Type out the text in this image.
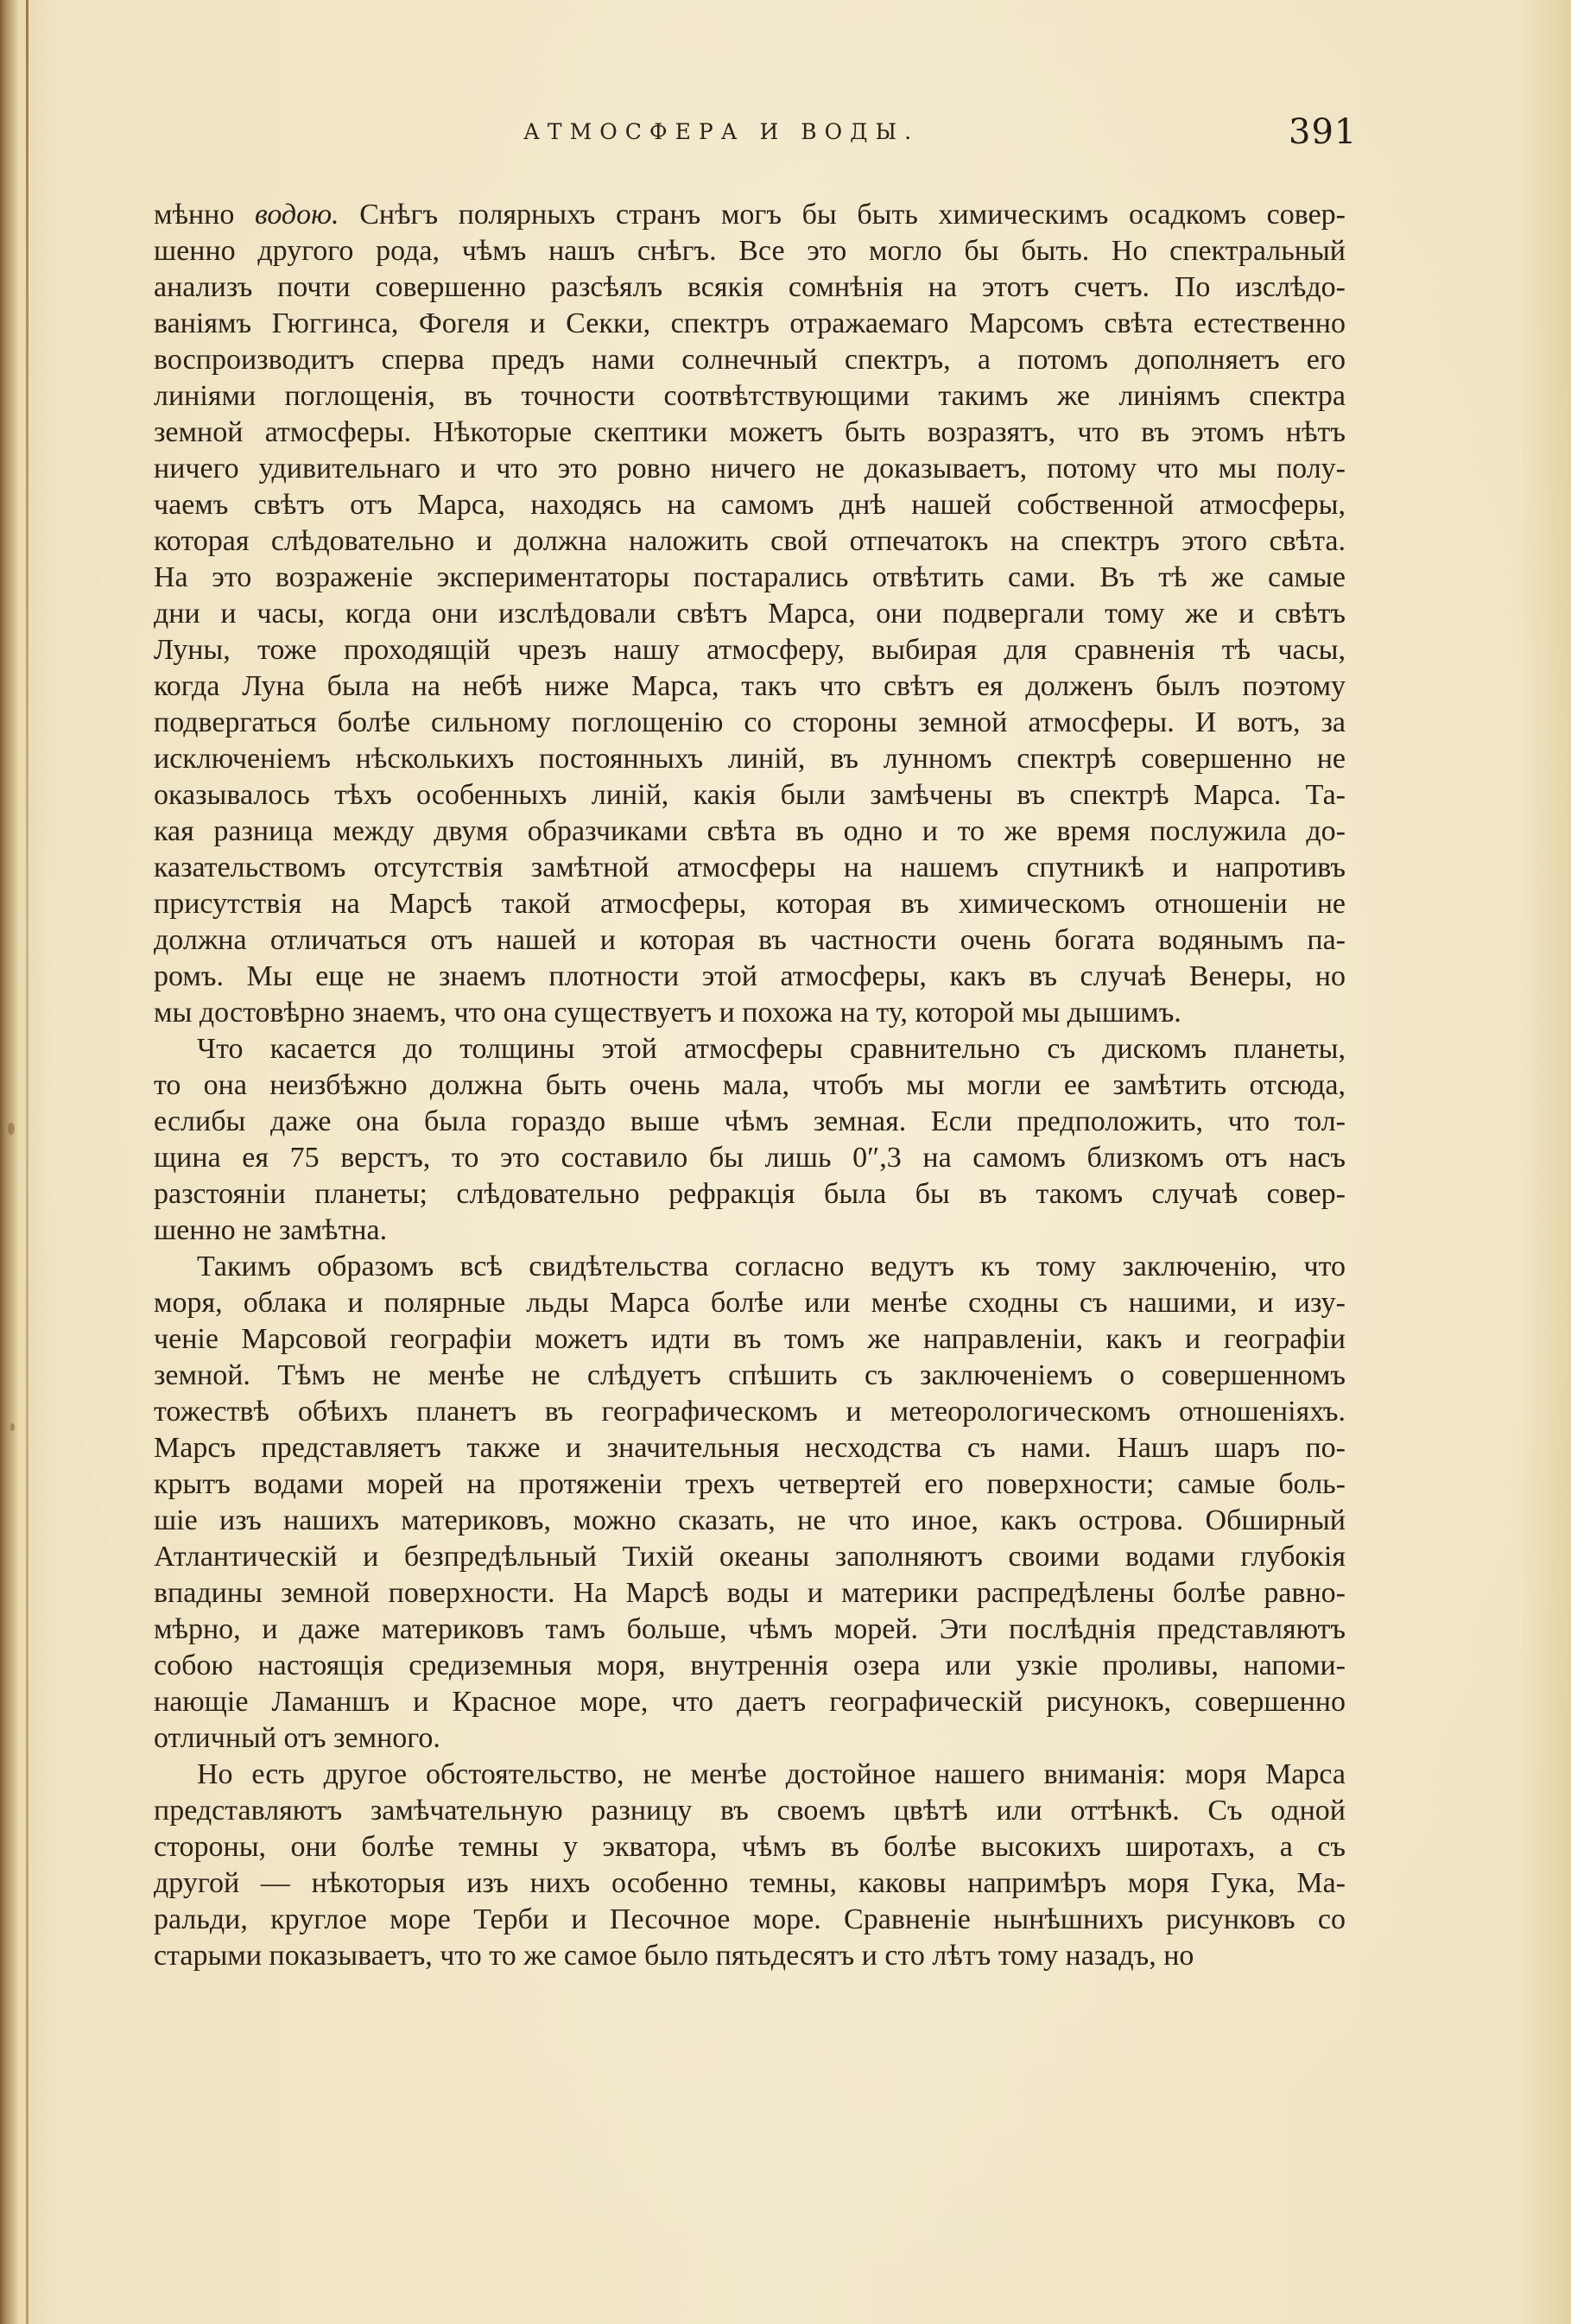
АТМОСФЕРА И ВОДЫ.	391
мѣнно водою. Снѣгъ полярныхъ странъ могъ бы быть химическимъ осадкомъ совер-
шенно другого рода, чѣмъ нашъ снѣгъ. Все это могло бы быть. Но спектральный
анализъ почти совершенно разсѣялъ всякія сомнѣнія на этотъ счетъ. По изслѣдо-
ваніямъ Гюггинса, Фогеля и Секки, спектръ отражаемаго Марсомъ свѣта естественно
воспроизводитъ сперва предъ нами солнечный спектръ, а потомъ дополняетъ его
линіями поглощенія, въ точности соотвѣтствующими такимъ же линіямъ спектра
земной атмосферы. Нѣкоторые скептики можетъ быть возразятъ, что въ этомъ нѣтъ
ничего удивительнаго и что это ровно ничего не доказываетъ, потому что мы полу-
чаемъ свѣтъ отъ Марса, находясь на самомъ днѣ нашей собственной атмосферы,
которая слѣдовательно и должна наложить свой отпечатокъ на спектръ этого свѣта.
На это возраженіе экспериментаторы постарались отвѣтить сами. Въ тѣ же самые
дни и часы, когда они изслѣдовали свѣтъ Марса, они подвергали тому же и свѣтъ
Луны, тоже проходящій чрезъ нашу атмосферу, выбирая для сравненія тѣ часы,
когда Луна была на небѣ ниже Марса, такъ что свѣтъ ея долженъ былъ поэтому
подвергаться болѣе сильному поглощенію со стороны земной атмосферы. И вотъ, за
исключеніемъ нѣсколькихъ постоянныхъ линій, въ лунномъ спектрѣ совершенно не
оказывалось тѣхъ особенныхъ линій, какія были замѣчены въ спектрѣ Марса. Та-
кая разница между двумя образчиками свѣта въ одно и то же время послужила до-
казательствомъ отсутствія замѣтной атмосферы на нашемъ спутникѣ и напротивъ
присутствія на Марсѣ такой атмосферы, которая въ химическомъ отношеніи не
должна отличаться отъ нашей и которая въ частности очень богата водянымъ па-
ромъ. Мы еще не знаемъ плотности этой атмосферы, какъ въ случаѣ Венеры, но
мы достовѣрно знаемъ, что она существуетъ и похожа на ту, которой мы дышимъ.
Что касается до толщины этой атмосферы сравнительно съ дискомъ планеты,
то она неизбѣжно должна быть очень мала, чтобъ мы могли ее замѣтить отсюда,
еслибы даже она была гораздо выше чѣмъ земная. Если предположить, что тол-
щина ея 75 верстъ, то это составило бы лишь 0″,3 на самомъ близкомъ отъ насъ
разстояніи планеты; слѣдовательно рефракція была бы въ такомъ случаѣ совер-
шенно не замѣтна.
Такимъ образомъ всѣ свидѣтельства согласно ведутъ къ тому заключенію, что
моря, облака и полярные льды Марса болѣе или менѣе сходны съ нашими, и изу-
ченіе Марсовой географіи можетъ идти въ томъ же направленіи, какъ и географіи
земной. Тѣмъ не менѣе не слѣдуетъ спѣшить съ заключеніемъ о совершенномъ
тожествѣ обѣихъ планетъ въ географическомъ и метеорологическомъ отношеніяхъ.
Марсъ представляетъ также и значительныя несходства съ нами. Нашъ шаръ по-
крытъ водами морей на протяженіи трехъ четвертей его поверхности; самые боль-
шіе изъ нашихъ материковъ, можно сказать, не что иное, какъ острова. Обширный
Атлантическій и безпредѣльный Тихій океаны заполняютъ своими водами глубокія
впадины земной поверхности. На Марсѣ воды и материки распредѣлены болѣе равно-
мѣрно, и даже материковъ тамъ больше, чѣмъ морей. Эти послѣднія представляютъ
собою настоящія средиземныя моря, внутреннія озера или узкіе проливы, напоми-
нающіе Ламаншъ и Красное море, что даетъ географическій рисунокъ, совершенно
отличный отъ земного.
Но есть другое обстоятельство, не менѣе достойное нашего вниманія: моря Марса
представляютъ замѣчательную разницу въ своемъ цвѣтѣ или оттѣнкѣ. Съ одной
стороны, они болѣе темны у экватора, чѣмъ въ болѣе высокихъ широтахъ, а съ
другой — нѣкоторыя изъ нихъ особенно темны, каковы напримѣръ моря Гука, Ма-
ральди, круглое море Терби и Песочное море. Сравненіе нынѣшнихъ рисунковъ со
старыми показываетъ, что то же самое было пятьдесятъ и сто лѣтъ тому назадъ, но
